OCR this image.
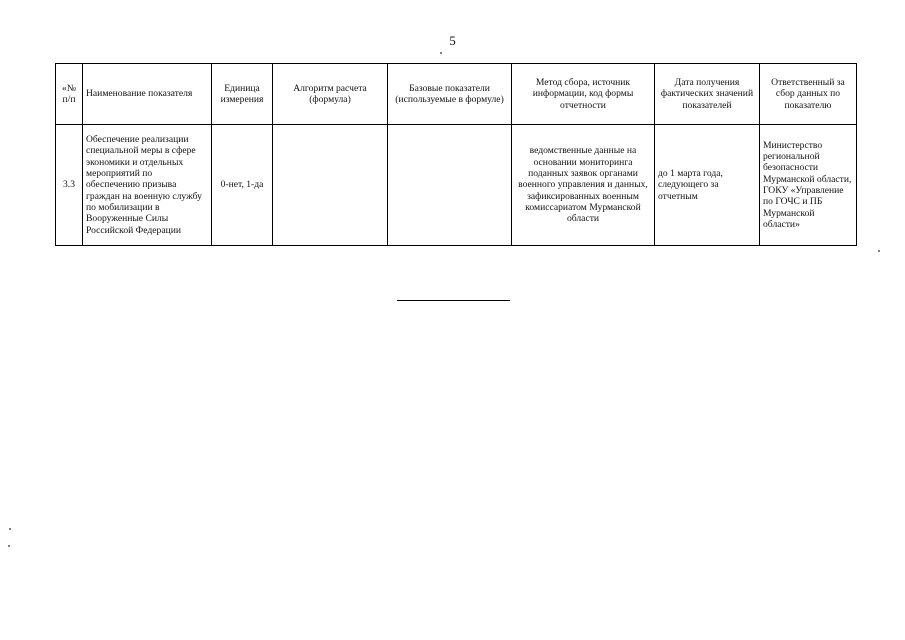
5
«№ п/п	Наименование показателя	Единица измерения	Алгоритм расчета (формула)	Базовые показатели (используемые в формуле)	Метод сбора, источник информации, код формы отчетности	Дата получения фактических значений показателей	Ответственный за сбор данных по показателю
3.3	Обеспечение реализации специальной меры в сфере экономики и отдельных мероприятий по обеспечению призыва граждан на военную службу по мобилизации в Вооруженные Силы Российской Федерации	0-нет, 1-да			ведомственные данные на основании мониторинга поданных заявок органами военного управления и данных, зафиксированных военным комиссариатом Мурманской области	до 1 марта года, следующего за отчетным	Министерство региональной безопасности Мурманской области, ГОКУ «Управление по ГОЧС и ПБ Мурманской области»
